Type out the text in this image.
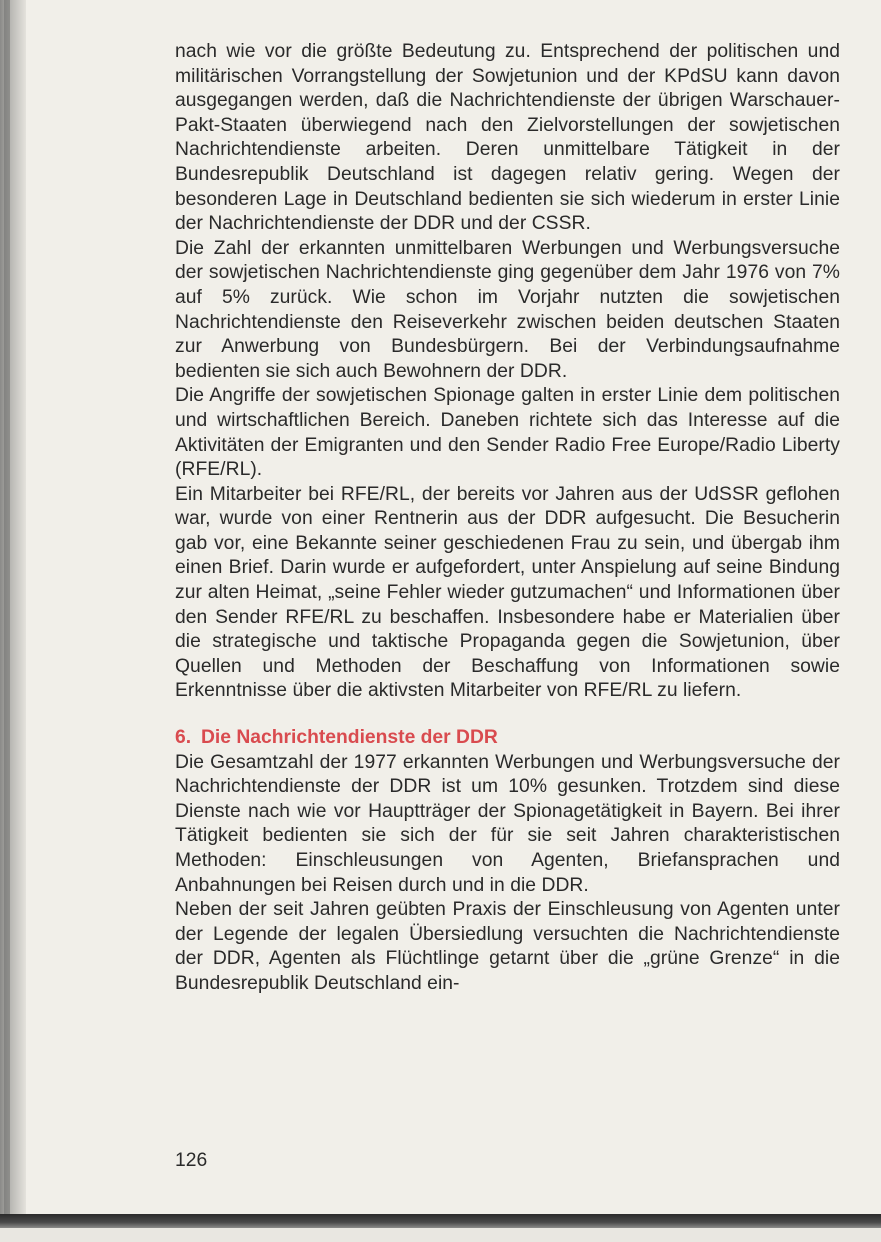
nach wie vor die größte Bedeutung zu. Entsprechend der politischen und militärischen Vorrangstellung der Sowjetunion und der KPdSU kann davon ausgegangen werden, daß die Nachrichtendienste der übrigen Warschauer-Pakt-Staaten überwiegend nach den Zielvorstellungen der sowjetischen Nachrichtendienste arbeiten. Deren unmittelbare Tätigkeit in der Bundesrepublik Deutschland ist dagegen relativ gering. Wegen der besonderen Lage in Deutschland bedienten sie sich wiederum in erster Linie der Nachrichtendienste der DDR und der CSSR.

Die Zahl der erkannten unmittelbaren Werbungen und Werbungsversuche der sowjetischen Nachrichtendienste ging gegenüber dem Jahr 1976 von 7% auf 5% zurück. Wie schon im Vorjahr nutzten die sowjetischen Nachrichtendienste den Reiseverkehr zwischen beiden deutschen Staaten zur Anwerbung von Bundesbürgern. Bei der Verbindungsaufnahme bedienten sie sich auch Bewohnern der DDR.

Die Angriffe der sowjetischen Spionage galten in erster Linie dem politischen und wirtschaftlichen Bereich. Daneben richtete sich das Interesse auf die Aktivitäten der Emigranten und den Sender Radio Free Europe/Radio Liberty (RFE/RL).

Ein Mitarbeiter bei RFE/RL, der bereits vor Jahren aus der UdSSR geflohen war, wurde von einer Rentnerin aus der DDR aufgesucht. Die Besucherin gab vor, eine Bekannte seiner geschiedenen Frau zu sein, und übergab ihm einen Brief. Darin wurde er aufgefordert, unter Anspielung auf seine Bindung zur alten Heimat, „seine Fehler wieder gutzumachen“ und Informationen über den Sender RFE/RL zu beschaffen. Insbesondere habe er Materialien über die strategische und taktische Propaganda gegen die Sowjetunion, über Quellen und Methoden der Beschaffung von Informationen sowie Erkenntnisse über die aktivsten Mitarbeiter von RFE/RL zu liefern.

6. Die Nachrichtendienste der DDR

Die Gesamtzahl der 1977 erkannten Werbungen und Werbungsversuche der Nachrichtendienste der DDR ist um 10% gesunken. Trotzdem sind diese Dienste nach wie vor Hauptträger der Spionagetätigkeit in Bayern. Bei ihrer Tätigkeit bedienten sie sich der für sie seit Jahren charakteristischen Methoden: Einschleusungen von Agenten, Briefansprachen und Anbahnungen bei Reisen durch und in die DDR.

Neben der seit Jahren geübten Praxis der Einschleusung von Agenten unter der Legende der legalen Übersiedlung versuchten die Nachrichtendienste der DDR, Agenten als Flüchtlinge getarnt über die „grüne Grenze“ in die Bundesrepublik Deutschland ein-

126
